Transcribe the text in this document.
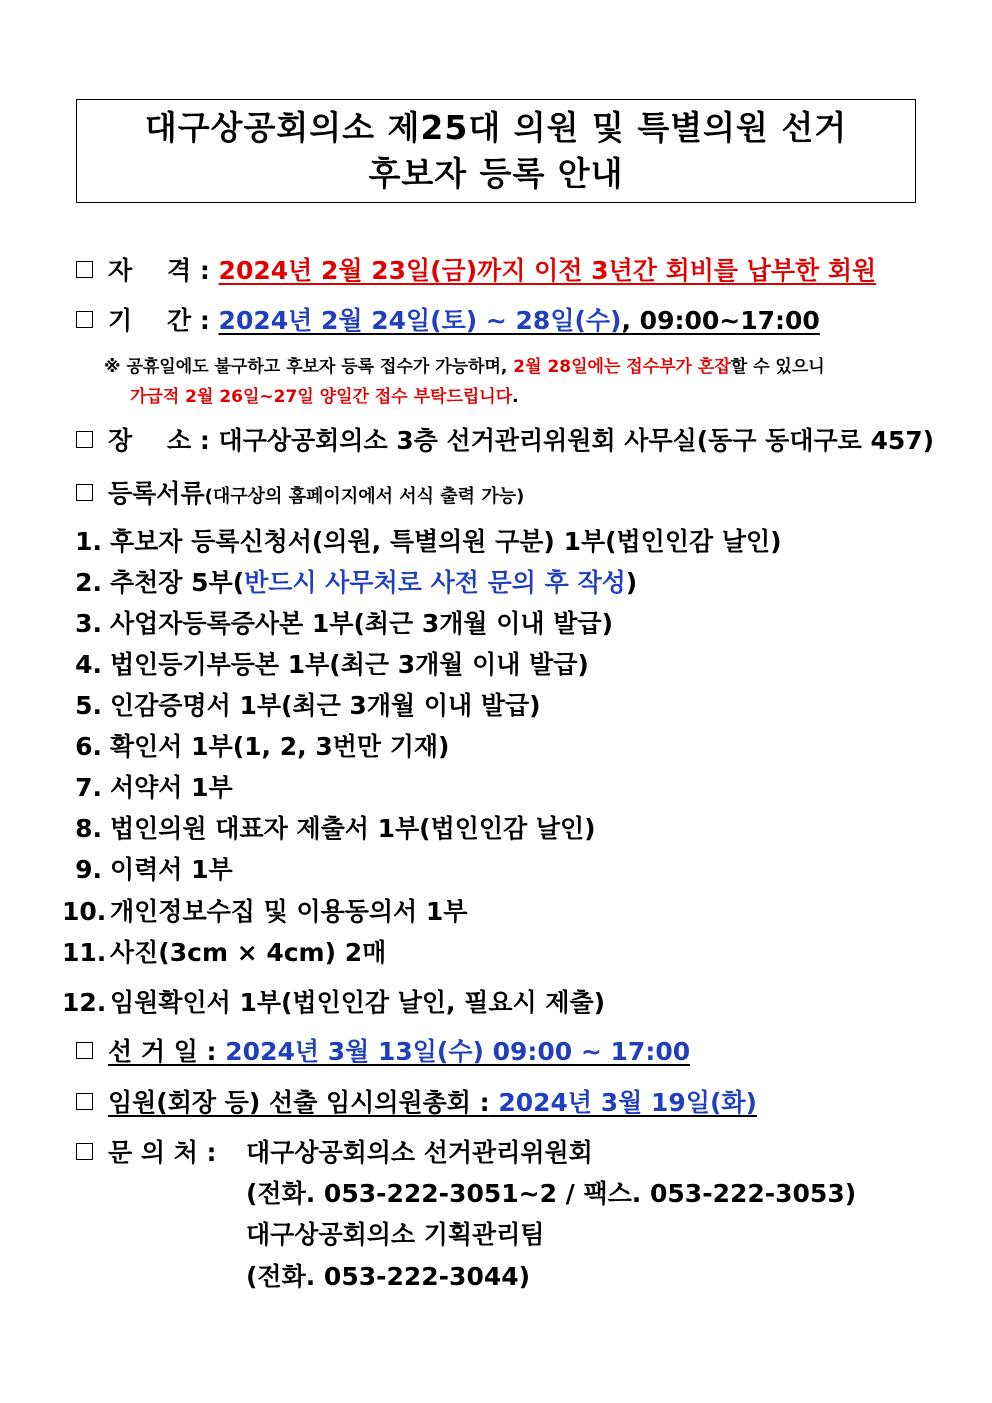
대구상공회의소 제25대 의원 및 특별의원 선거
후보자 등록 안내
자    격 : 2024년 2월 23일(금)까지 이전 3년간 회비를 납부한 회원
기    간 : 2024년 2월 24일(토) ~ 28일(수), 09:00~17:00
※ 공휴일에도 불구하고 후보자 등록 접수가 가능하며, 2월 28일에는 접수부가 혼잡할 수 있으니
가급적 2월 26일~27일 양일간 접수 부탁드립니다.
장    소 : 대구상공회의소 3층 선거관리위원회 사무실(동구 동대구로 457)
등록서류(대구상의 홈페이지에서 서식 출력 가능)
1. 후보자 등록신청서(의원, 특별의원 구분) 1부(법인인감 날인)
2. 추천장 5부(반드시 사무처로 사전 문의 후 작성)
3. 사업자등록증사본 1부(최근 3개월 이내 발급)
4. 법인등기부등본 1부(최근 3개월 이내 발급)
5. 인감증명서 1부(최근 3개월 이내 발급)
6. 확인서 1부(1, 2, 3번만 기재)
7. 서약서 1부
8. 법인의원 대표자 제출서 1부(법인인감 날인)
9. 이력서 1부
10. 개인정보수집 및 이용동의서 1부
11. 사진(3cm × 4cm) 2매
12. 임원확인서 1부(법인인감 날인, 필요시 제출)
선 거 일 : 2024년 3월 13일(수) 09:00 ~ 17:00
임원(회장 등) 선출 임시의원총회 : 2024년 3월 19일(화)
문 의 처 : 대구상공회의소 선거관리위원회
(전화. 053-222-3051~2 / 팩스. 053-222-3053)
대구상공회의소 기획관리팀
(전화. 053-222-3044)
